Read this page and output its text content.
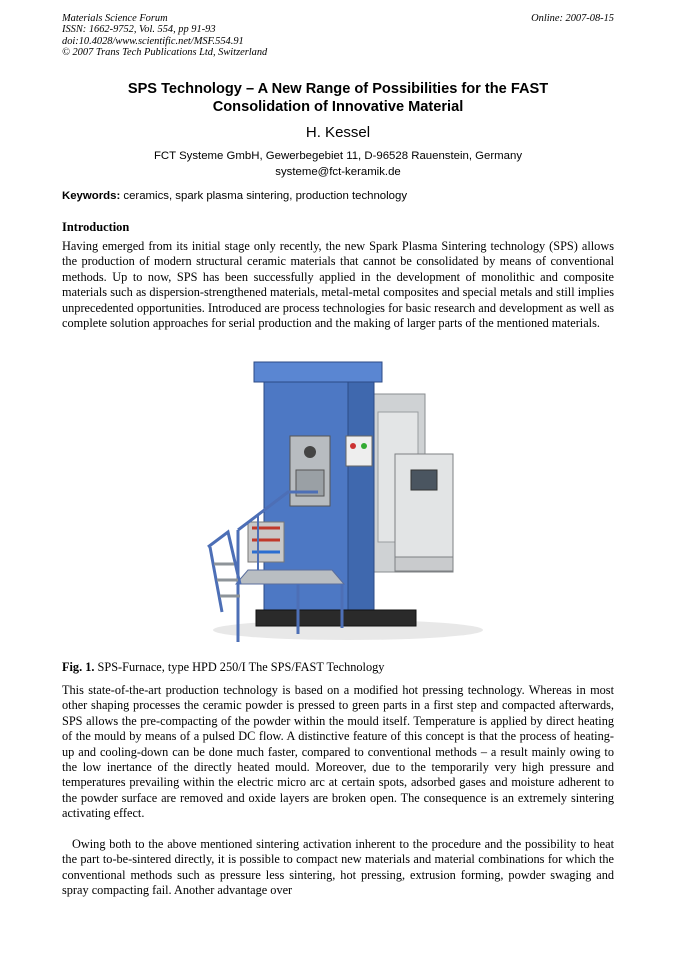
Materials Science Forum
ISSN: 1662-9752, Vol. 554, pp 91-93
doi:10.4028/www.scientific.net/MSF.554.91
© 2007 Trans Tech Publications Ltd, Switzerland
Online: 2007-08-15
SPS Technology – A New Range of Possibilities for the FAST
Consolidation of Innovative Material
H. Kessel
FCT Systeme GmbH, Gewerbegebiet 11, D-96528 Rauenstein, Germany
systeme@fct-keramik.de
Keywords: ceramics, spark plasma sintering, production technology
Introduction
Having emerged from its initial stage only recently, the new Spark Plasma Sintering technology (SPS) allows the production of modern structural ceramic materials that cannot be consolidated by means of conventional methods. Up to now, SPS has been successfully applied in the development of monolithic and composite materials such as dispersion-strengthened materials, metal-metal composites and special metals and still implies unprecedented opportunities. Introduced are process technologies for basic research and development as well as complete solution approaches for serial production and the making of larger parts of the mentioned materials.
Fig. 1. SPS-Furnace, type HPD 250/I The SPS/FAST Technology
This state-of-the-art production technology is based on a modified hot pressing technology. Whereas in most other shaping processes the ceramic powder is pressed to green parts in a first step and compacted afterwards, SPS allows the pre-compacting of the powder within the mould itself. Temperature is applied by direct heating of the mould by means of a pulsed DC flow. A distinctive feature of this concept is that the process of heating-up and cooling-down can be done much faster, compared to conventional methods – a result mainly owing to the low inertance of the directly heated mould. Moreover, due to the temporarily very high pressure and temperatures prevailing within the electric micro arc at certain spots, adsorbed gases and moisture adherent to the powder surface are removed and oxide layers are broken open. The consequence is an extremely sintering activating effect.
Owing both to the above mentioned sintering activation inherent to the procedure and the possibility to heat the part to-be-sintered directly, it is possible to compact new materials and material combinations for which the conventional methods such as pressure less sintering, hot pressing, extrusion forming, powder swaging and spray compacting fail. Another advantage over
